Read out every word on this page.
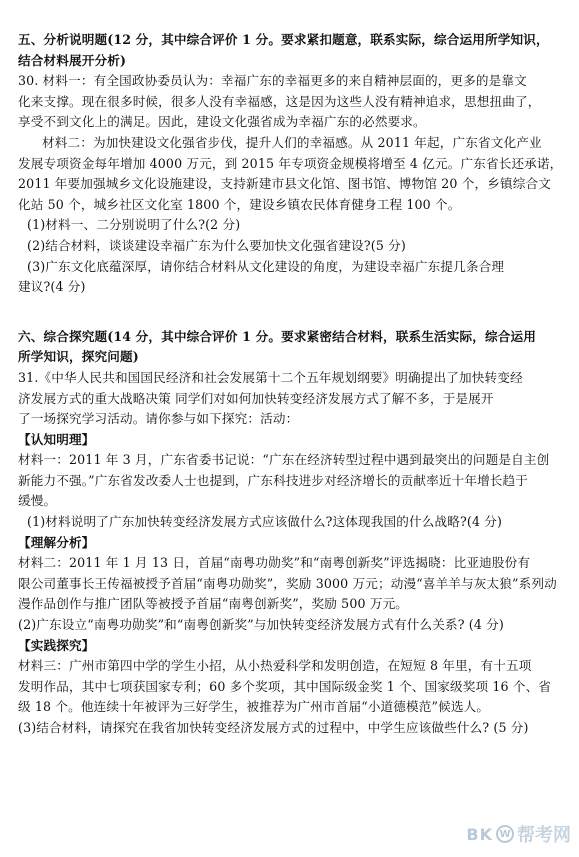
五、分析说明题(12 分，其中综合评价 1 分。要求紧扣题意，联系实际，综合运用所学知识，

结合材料展开分析)

30. 材料一：有全国政协委员认为：幸福广东的幸福更多的来自精神层面的，更多的是靠文

化来支撑。现在很多时候，很多人没有幸福感，这是因为这些人没有精神追求，思想扭曲了，

享受不到文化上的满足。因此，建设文化强省成为幸福广东的必然要求。

材料二：为加快建设文化强省步伐，提升人们的幸福感。从 2011 年起，广东省文化产业

发展专项资金每年增加 4000 万元，到 2015 年专项资金规模将增至 4 亿元。广东省长还承诺，

2011 年要加强城乡文化设施建设，支持新建市县文化馆、图书馆、博物馆 20 个，乡镇综合文

化站 50 个，城乡社区文化室 1800 个，建设乡镇农民体育健身工程 100 个。

(1)材料一、二分别说明了什么?(2 分)

(2)结合材料，谈谈建设幸福广东为什么要加快文化强省建设?(5 分)

(3)广东文化底蕴深厚，请你结合材料从文化建设的角度，为建设幸福广东提几条合理

建议?(4 分)

六、综合探究题(14 分，其中综合评价 1 分。要求紧密结合材料，联系生活实际，综合运用

所学知识，探究问题)

31.《中华人民共和国国民经济和社会发展第十二个五年规划纲要》明确提出了加快转变经

济发展方式的重大战略决策 同学们对如何加快转变经济发展方式了解不多，于是展开

了一场探究学习活动。请你参与如下探究：活动：

【认知明理】

材料一：2011 年 3 月，广东省委书记说：“广东在经济转型过程中遇到最突出的问题是自主创

新能力不强。”广东省发改委人士也提到，广东科技进步对经济增长的贡献率近十年增长趋于

缓慢。

(1)材料说明了广东加快转变经济发展方式应该做什么?这体现我国的什么战略?(4 分)

【理解分析】

材料二：2011 年 1 月 13 日，首届“南粤功勋奖”和“南粤创新奖”评选揭晓：比亚迪股份有

限公司董事长王传福被授予首届“南粤功勋奖”，奖励 3000 万元；动漫“喜羊羊与灰太狼”系列动

漫作品创作与推广团队等被授予首届“南粤创新奖”，奖励 500 万元。

(2)广东设立“南粤功勋奖”和“南粤创新奖”与加快转变经济发展方式有什么关系? (4 分)

【实践探究】

材料三：广州市第四中学的学生小招，从小热爱科学和发明创造，在短短 8 年里，有十五项

发明作品，其中七项获国家专利；60 多个奖项，其中国际级金奖 1 个、国家级奖项 16 个、省

级 18 个。他连续十年被评为三好学生，被推荐为广州市首届“小道德模范”候选人。

(3)结合材料，请探究在我省加快转变经济发展方式的过程中，中学生应该做些什么? (5 分)

BK W 帮考网
